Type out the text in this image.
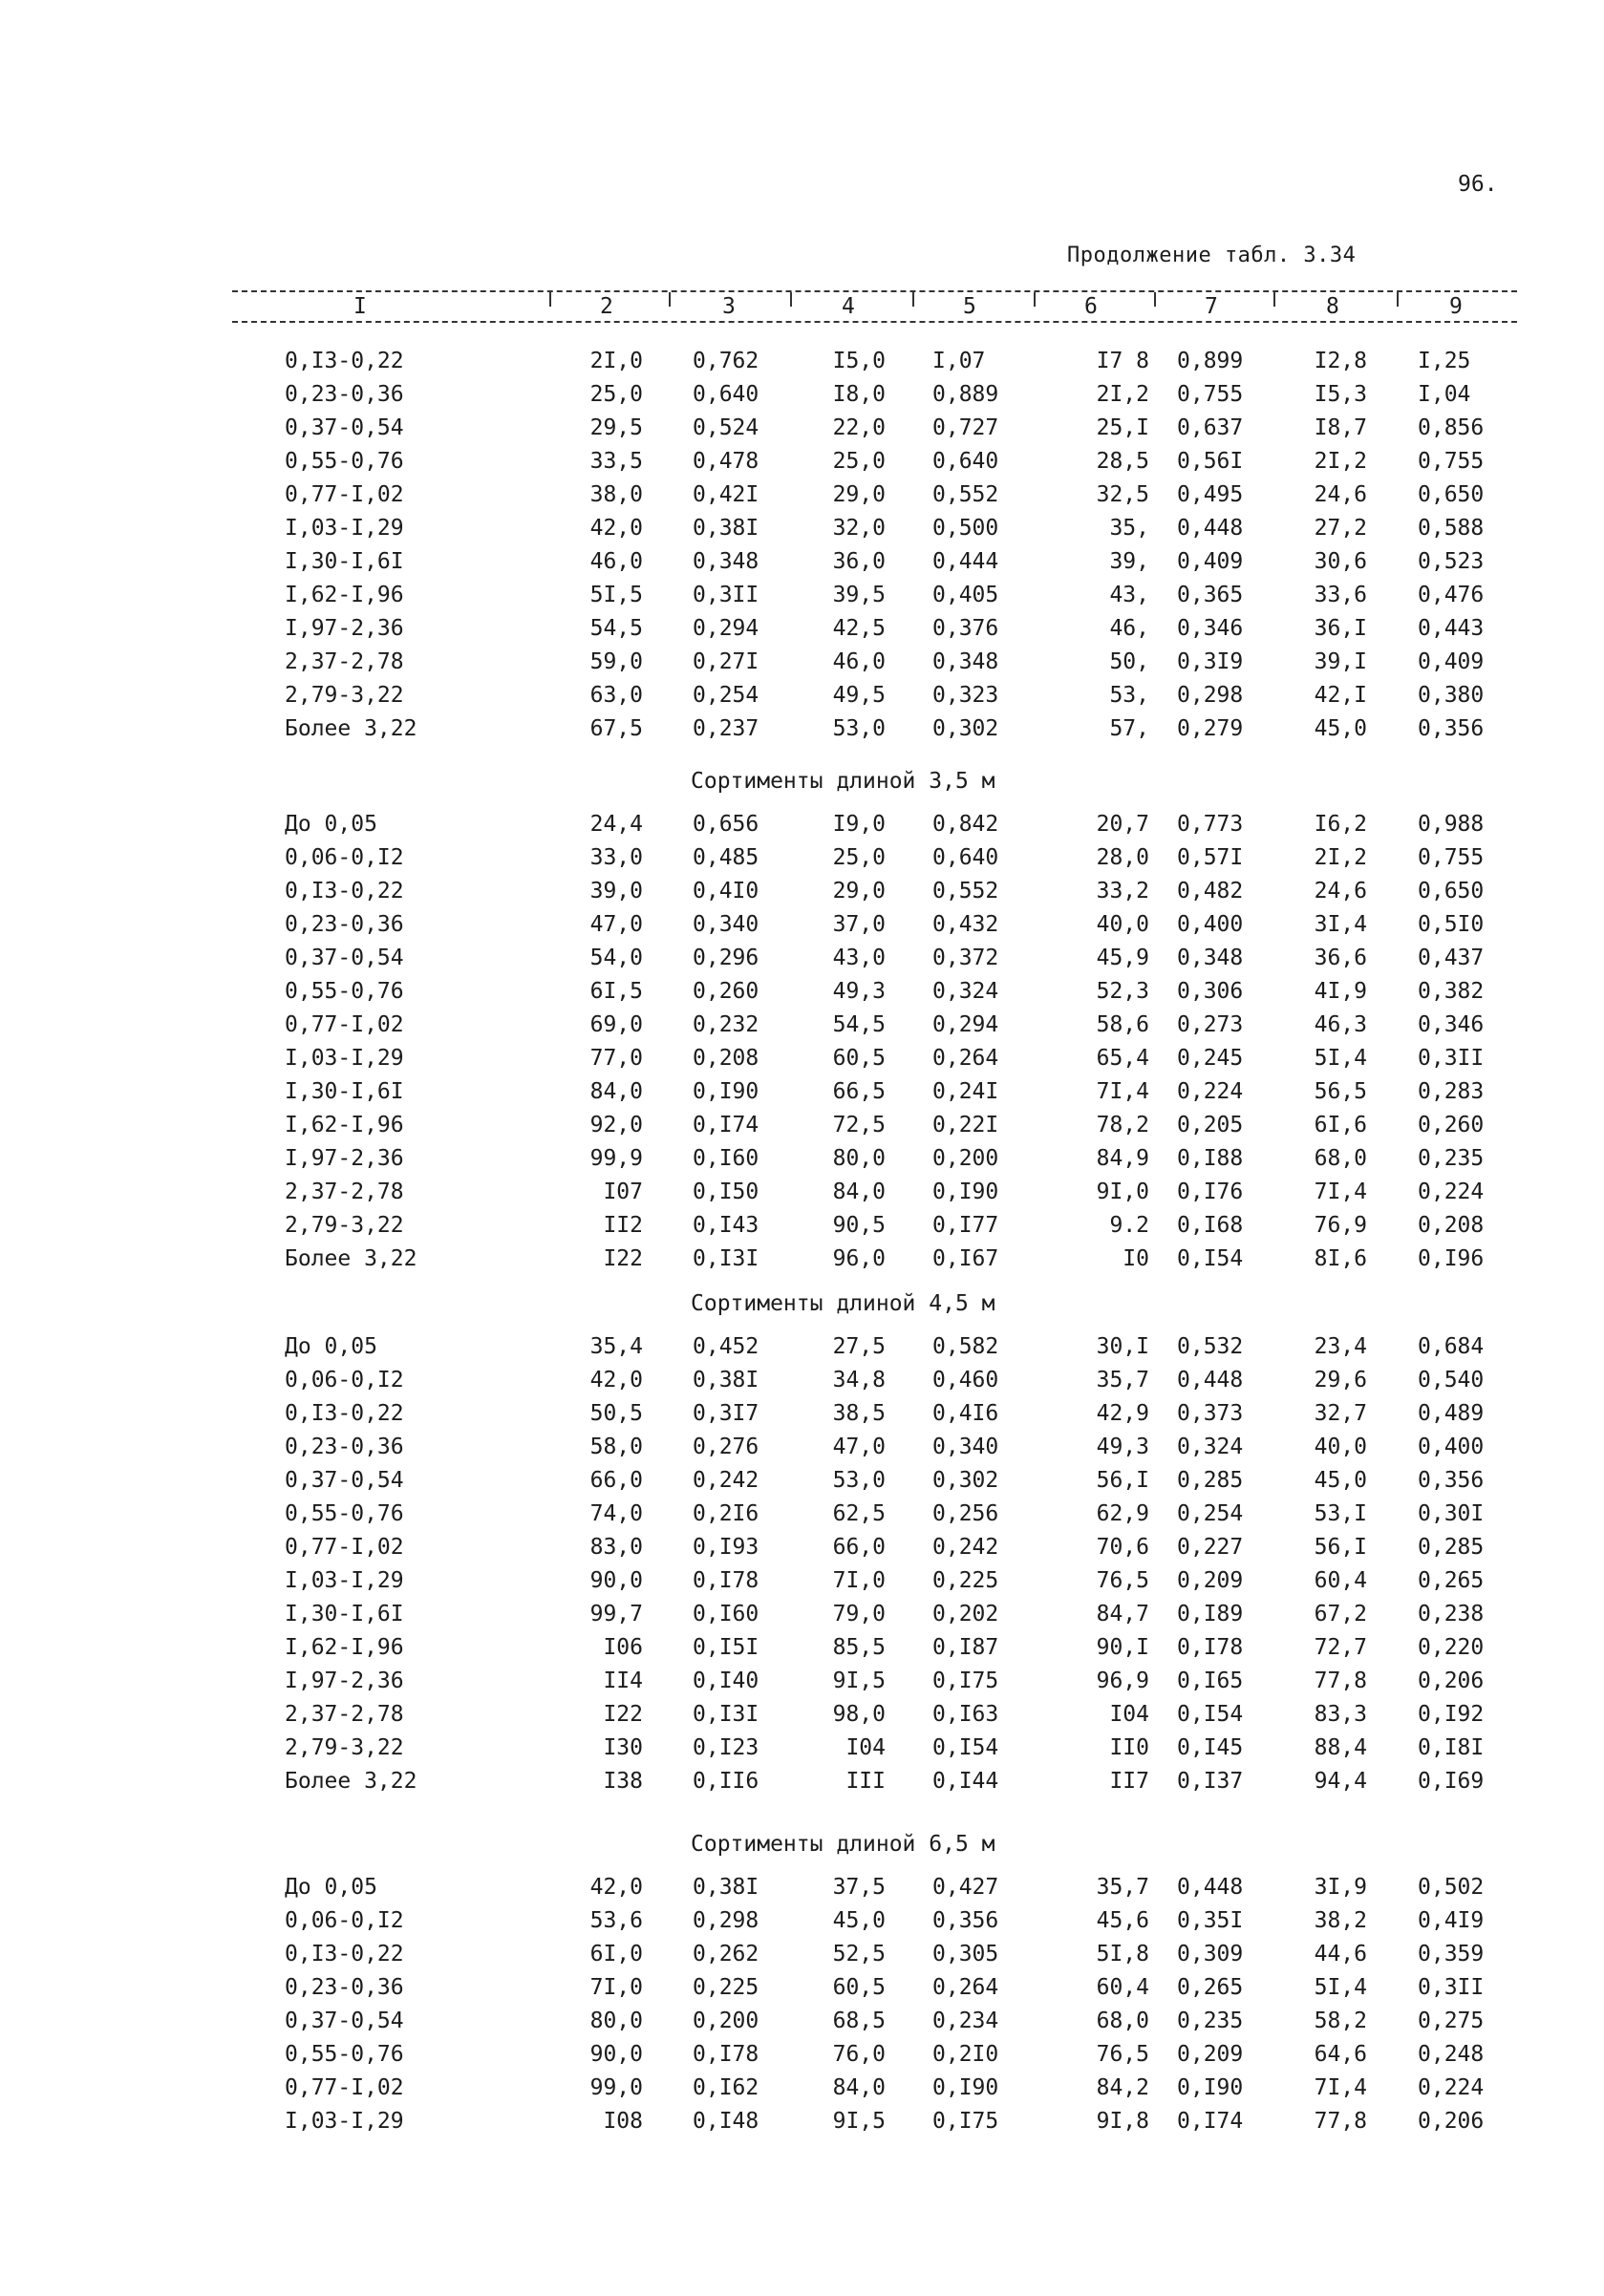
96.
Продолжение табл. 3.34
I	2	3	4	5	6	7	8	9
0,I3-0,22	2I,0 0,762	I5,0 I,07	I7 8 0,899	I2,8 I,25
0,23-0,36	25,0 0,640	I8,0 0,889	2I,2 0,755	I5,3 I,04
0,37-0,54	29,5 0,524	22,0 0,727	25,I 0,637	I8,7 0,856
0,55-0,76	33,5 0,478	25,0 0,640	28,5 0,56I	2I,2 0,755
0,77-I,02	38,0 0,42I	29,0 0,552	32,5 0,495	24,6 0,650
I,03-I,29	42,0 0,38I	32,0 0,500	35, 0,448	27,2 0,588
I,30-I,6I	46,0 0,348	36,0 0,444	39, 0,409	30,6 0,523
I,62-I,96	5I,5 0,3II	39,5 0,405	43, 0,365	33,6 0,476
I,97-2,36	54,5 0,294	42,5 0,376	46, 0,346	36,I 0,443
2,37-2,78	59,0 0,27I	46,0 0,348	50, 0,3I9	39,I 0,409
2,79-3,22	63,0 0,254	49,5 0,323	53, 0,298	42,I 0,380
Более 3,22	67,5 0,237	53,0 0,302	57, 0,279	45,0 0,356
Сортименты длиной 3,5 м
До 0,05	24,4 0,656	I9,0 0,842	20,7 0,773	I6,2 0,988
0,06-0,I2	33,0 0,485	25,0 0,640	28,0 0,57I	2I,2 0,755
0,I3-0,22	39,0 0,4I0	29,0 0,552	33,2 0,482	24,6 0,650
0,23-0,36	47,0 0,340	37,0 0,432	40,0 0,400	3I,4 0,5I0
0,37-0,54	54,0 0,296	43,0 0,372	45,9 0,348	36,6 0,437
0,55-0,76	6I,5 0,260	49,3 0,324	52,3 0,306	4I,9 0,382
0,77-I,02	69,0 0,232	54,5 0,294	58,6 0,273	46,3 0,346
I,03-I,29	77,0 0,208	60,5 0,264	65,4 0,245	5I,4 0,3II
I,30-I,6I	84,0 0,I90	66,5 0,24I	7I,4 0,224	56,5 0,283
I,62-I,96	92,0 0,I74	72,5 0,22I	78,2 0,205	6I,6 0,260
I,97-2,36	99,9 0,I60	80,0 0,200	84,9 0,I88	68,0 0,235
2,37-2,78	I07 0,I50	84,0 0,I90	9I,0 0,I76	7I,4 0,224
2,79-3,22	II2 0,I43	90,5 0,I77	9.2 0,I68	76,9 0,208
Более 3,22	I22 0,I3I	96,0 0,I67	I0 0,I54	8I,6 0,I96
Сортименты длиной 4,5 м
До 0,05	35,4 0,452	27,5 0,582	30,I 0,532	23,4 0,684
0,06-0,I2	42,0 0,38I	34,8 0,460	35,7 0,448	29,6 0,540
0,I3-0,22	50,5 0,3I7	38,5 0,4I6	42,9 0,373	32,7 0,489
0,23-0,36	58,0 0,276	47,0 0,340	49,3 0,324	40,0 0,400
0,37-0,54	66,0 0,242	53,0 0,302	56,I 0,285	45,0 0,356
0,55-0,76	74,0 0,2I6	62,5 0,256	62,9 0,254	53,I 0,30I
0,77-I,02	83,0 0,I93	66,0 0,242	70,6 0,227	56,I 0,285
I,03-I,29	90,0 0,I78	7I,0 0,225	76,5 0,209	60,4 0,265
I,30-I,6I	99,7 0,I60	79,0 0,202	84,7 0,I89	67,2 0,238
I,62-I,96	I06 0,I5I	85,5 0,I87	90,I 0,I78	72,7 0,220
I,97-2,36	II4 0,I40	9I,5 0,I75	96,9 0,I65	77,8 0,206
2,37-2,78	I22 0,I3I	98,0 0,I63	I04 0,I54	83,3 0,I92
2,79-3,22	I30 0,I23	I04 0,I54	II0 0,I45	88,4 0,I8I
Более 3,22	I38 0,II6	III 0,I44	II7 0,I37	94,4 0,I69
Сортименты длиной 6,5 м
До 0,05	42,0 0,38I	37,5 0,427	35,7 0,448	3I,9 0,502
0,06-0,I2	53,6 0,298	45,0 0,356	45,6 0,35I	38,2 0,4I9
0,I3-0,22	6I,0 0,262	52,5 0,305	5I,8 0,309	44,6 0,359
0,23-0,36	7I,0 0,225	60,5 0,264	60,4 0,265	5I,4 0,3II
0,37-0,54	80,0 0,200	68,5 0,234	68,0 0,235	58,2 0,275
0,55-0,76	90,0 0,I78	76,0 0,2I0	76,5 0,209	64,6 0,248
0,77-I,02	99,0 0,I62	84,0 0,I90	84,2 0,I90	7I,4 0,224
I,03-I,29	I08 0,I48	9I,5 0,I75	9I,8 0,I74	77,8 0,206
